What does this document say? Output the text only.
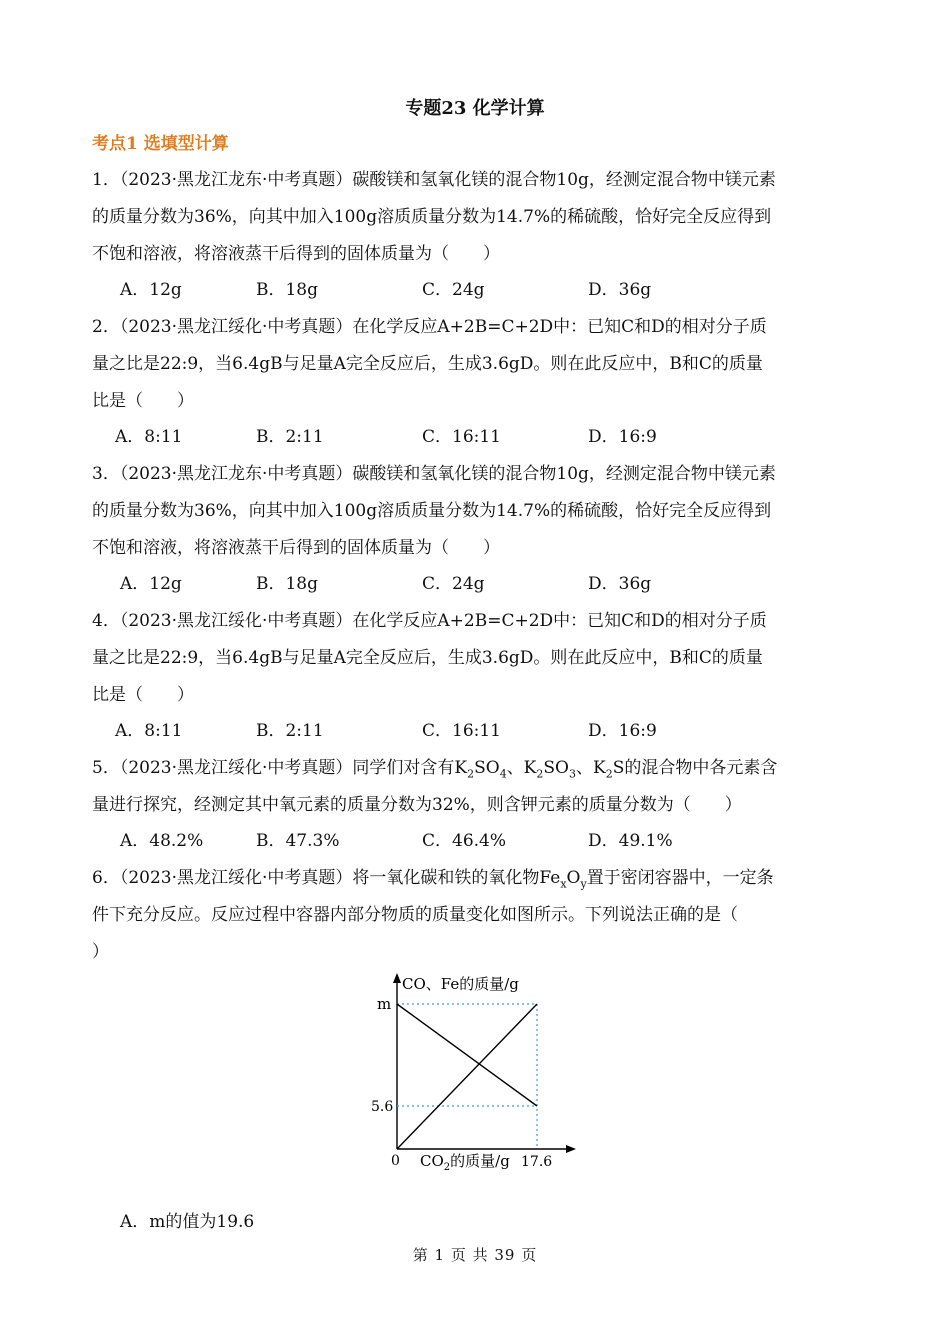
专题23 化学计算
考点1 选填型计算
1．（2023·黑龙江龙东·中考真题）碳酸镁和氢氧化镁的混合物10g，经测定混合物中镁元素
的质量分数为36%，向其中加入100g溶质质量分数为14.7%的稀硫酸，恰好完全反应得到
不饱和溶液，将溶液蒸干后得到的固体质量为（　　）
A．12g	B．18g	C．24g	D．36g
2．（2023·黑龙江绥化·中考真题）在化学反应A+2B=C+2D中：已知C和D的相对分子质
量之比是22:9，当6.4gB与足量A完全反应后，生成3.6gD。则在此反应中，B和C的质量
比是（　　）
A．8:11	B．2:11	C．16:11	D．16:9
3．（2023·黑龙江龙东·中考真题）碳酸镁和氢氧化镁的混合物10g，经测定混合物中镁元素
的质量分数为36%，向其中加入100g溶质质量分数为14.7%的稀硫酸，恰好完全反应得到
不饱和溶液，将溶液蒸干后得到的固体质量为（　　）
A．12g	B．18g	C．24g	D．36g
4．（2023·黑龙江绥化·中考真题）在化学反应A+2B=C+2D中：已知C和D的相对分子质
量之比是22:9，当6.4gB与足量A完全反应后，生成3.6gD。则在此反应中，B和C的质量
比是（　　）
A．8:11	B．2:11	C．16:11	D．16:9
5．（2023·黑龙江绥化·中考真题）同学们对含有$K_2SO_4$、$K_2SO_3$、$K_2S$的混合物中各元素含
量进行探究，经测定其中氧元素的质量分数为32%，则含钾元素的质量分数为（　　）
A．48.2%	B．47.3%	C．46.4%	D．49.1%
6．（2023·黑龙江绥化·中考真题）将一氧化碳和铁的氧化物$Fe_xO_y$置于密闭容器中，一定条
件下充分反应。反应过程中容器内部分物质的质量变化如图所示。下列说法正确的是（
）
CO、Fe的质量/g
m
5.6
0 $CO_2$的质量/g 17.6
A．m的值为19.6
第 1 页 共 39 页
